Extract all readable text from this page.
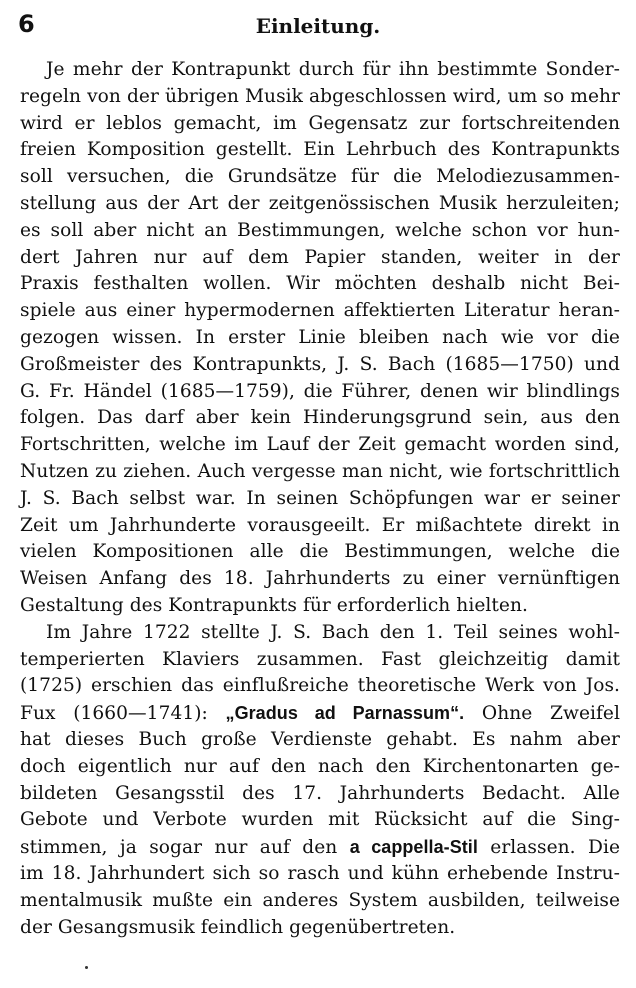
6	Einleitung.
Je mehr der Kontrapunkt durch für ihn bestimmte Sonder-
regeln von der übrigen Musik abgeschlossen wird, um so mehr
wird er leblos gemacht, im Gegensatz zur fortschreitenden
freien Komposition gestellt. Ein Lehrbuch des Kontrapunkts
soll versuchen, die Grundsätze für die Melodiezusammen-
stellung aus der Art der zeitgenössischen Musik herzuleiten;
es soll aber nicht an Bestimmungen, welche schon vor hun-
dert Jahren nur auf dem Papier standen, weiter in der
Praxis festhalten wollen. Wir möchten deshalb nicht Bei-
spiele aus einer hypermodernen affektierten Literatur heran-
gezogen wissen. In erster Linie bleiben nach wie vor die
Großmeister des Kontrapunkts, J. S. Bach (1685—1750) und
G. Fr. Händel (1685—1759), die Führer, denen wir blindlings
folgen. Das darf aber kein Hinderungsgrund sein, aus den
Fortschritten, welche im Lauf der Zeit gemacht worden sind,
Nutzen zu ziehen. Auch vergesse man nicht, wie fortschrittlich
J. S. Bach selbst war. In seinen Schöpfungen war er seiner
Zeit um Jahrhunderte vorausgeeilt. Er mißachtete direkt in
vielen Kompositionen alle die Bestimmungen, welche die
Weisen Anfang des 18. Jahrhunderts zu einer vernünftigen
Gestaltung des Kontrapunkts für erforderlich hielten.
Im Jahre 1722 stellte J. S. Bach den 1. Teil seines wohl-
temperierten Klaviers zusammen. Fast gleichzeitig damit
(1725) erschien das einflußreiche theoretische Werk von Jos.
Fux (1660—1741): „Gradus ad Parnassum“. Ohne Zweifel
hat dieses Buch große Verdienste gehabt. Es nahm aber
doch eigentlich nur auf den nach den Kirchentonarten ge-
bildeten Gesangsstil des 17. Jahrhunderts Bedacht. Alle
Gebote und Verbote wurden mit Rücksicht auf die Sing-
stimmen, ja sogar nur auf den a cappella-Stil erlassen. Die
im 18. Jahrhundert sich so rasch und kühn erhebende Instru-
mentalmusik mußte ein anderes System ausbilden, teilweise
der Gesangsmusik feindlich gegenübertreten.
